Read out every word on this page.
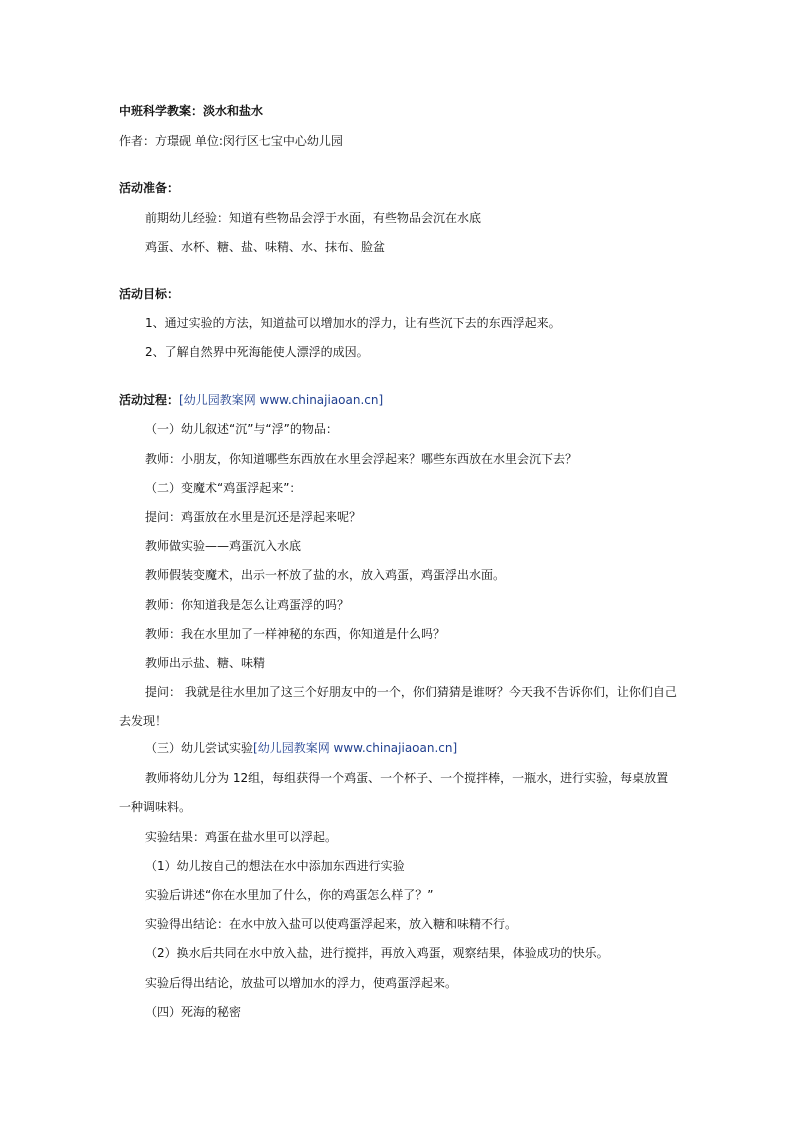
中班科学教案：淡水和盐水
作者：方璟砚 单位:闵行区七宝中心幼儿园
活动准备：
前期幼儿经验：知道有些物品会浮于水面，有些物品会沉在水底
鸡蛋、水杯、糖、盐、味精、水、抹布、脸盆
活动目标：
1、通过实验的方法，知道盐可以增加水的浮力，让有些沉下去的东西浮起来。
2、了解自然界中死海能使人漂浮的成因。
活动过程：[幼儿园教案网 www.chinajiaoan.cn]
（一）幼儿叙述“沉”与“浮”的物品：
教师：小朋友，你知道哪些东西放在水里会浮起来？哪些东西放在水里会沉下去？
（二）变魔术“鸡蛋浮起来”：
提问：鸡蛋放在水里是沉还是浮起来呢？
教师做实验——鸡蛋沉入水底
教师假装变魔术，出示一杯放了盐的水，放入鸡蛋，鸡蛋浮出水面。
教师：你知道我是怎么让鸡蛋浮的吗？
教师：我在水里加了一样神秘的东西，你知道是什么吗？
教师出示盐、糖、味精
提问： 我就是往水里加了这三个好朋友中的一个，你们猜猜是谁呀？今天我不告诉你们，让你们自己
去发现！
（三）幼儿尝试实验[幼儿园教案网 www.chinajiaoan.cn]
教师将幼儿分为 12组，每组获得一个鸡蛋、一个杯子、一个搅拌棒，一瓶水，进行实验，每桌放置
一种调味料。
实验结果：鸡蛋在盐水里可以浮起。
（1）幼儿按自己的想法在水中添加东西进行实验
实验后讲述“你在水里加了什么，你的鸡蛋怎么样了？”
实验得出结论：在水中放入盐可以使鸡蛋浮起来，放入糖和味精不行。
（2）换水后共同在水中放入盐，进行搅拌，再放入鸡蛋，观察结果，体验成功的快乐。
实验后得出结论，放盐可以增加水的浮力，使鸡蛋浮起来。
（四）死海的秘密
